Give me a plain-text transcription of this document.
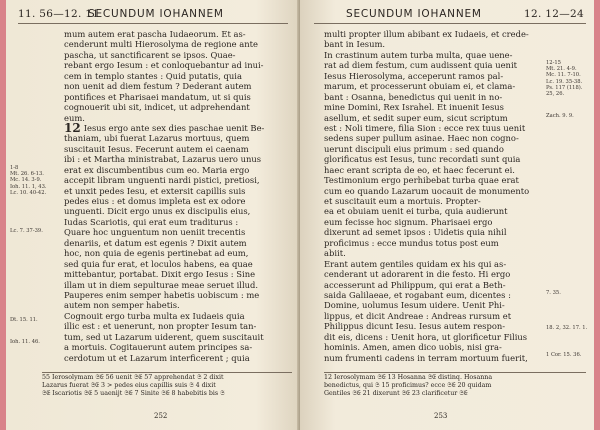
11. 56—12. 11
SECUNDUM IOHANNEM
1-8
Mt. 26. 6-13.
Mc. 14. 3-9.
Ioh. 11. 1, 43.
Lc. 10. 40-42.
Lc. 7. 37-39.
Dt. 15. 11.
Ioh. 11. 46.
mum autem erat pascha Iudaeorum. Et as-
cenderunt multi Hierosolyma de regione ante
pascha, ut sanctificarent se ipsos. Quae-
rebant ergo Iesum : et conloquebantur ad inui-
cem in templo stantes : Quid putatis, quia
non uenit ad diem festum ? Dederant autem
pontifices et Pharisaei mandatum, ut si quis
cognouerit ubi sit, indicet, ut adprehendant
eum.
12 Iesus ergo ante sex dies paschae uenit Be-
thaniam, ubi fuerat Lazarus mortuus, quem
suscitauit Iesus. Fecerunt autem ei caenam
ibi : et Martha ministrabat, Lazarus uero unus
erat ex discumbentibus cum eo. Maria ergo
accepit libram unguenti nardi pistici, pretiosi,
et unxit pedes Iesu, et extersit capillis suis
pedes eius : et domus impleta est ex odore
unguenti. Dicit ergo unus ex discipulis eius,
Iudas Scariotis, qui erat eum traditurus :
Quare hoc unguentum non ueniit trecentis
denariis, et datum est egenis ? Dixit autem
hoc, non quia de egenis pertinebat ad eum,
sed quia fur erat, et loculos habens, ea quae
mittebantur, portabat. Dixit ergo Iesus : Sine
illam ut in diem sepulturae meae seruet illud.
Pauperes enim semper habetis uobiscum : me
autem non semper habetis.
Cognouit ergo turba multa ex Iudaeis quia
illic est : et uenerunt, non propter Iesum tan-
tum, sed ut Lazarum uiderent, quem suscitauit
a mortuis. Cogitauerunt autem principes sa-
cerdotum ut et Lazarum interficerent ; quia
55 Ierosolymam 𝔖𝔈 56 uenit 𝔖𝔈 57 apprehendat 𝔖 2 dixit
Lazarus fuerat 𝔖𝔈 3 > pedes eius capillis suis 𝔖 4 dixit
𝔖𝔈 Iscariotis 𝔖𝔈 5 uaenijt 𝔖𝔈 7 Sinite 𝔖𝔈 8 habebitis bis 𝔖
252
SECUNDUM IOHANNEM	12. 12—24
12-15
Mt. 21. 4-9.
Mc. 11. 7-10.
Lc. 19. 35-38.
Ps. 117 (118).
25, 26.
Zach. 9. 9.
7. 35.
18. 2, 32. 17. 1.
1 Cor. 15. 36.
multi propter illum abibant ex Iudaeis, et crede-
bant in Iesum.
In crastinum autem turba multa, quae uene-
rat ad diem festum, cum audissent quia uenit
Iesus Hierosolyma, acceperunt ramos pal-
marum, et processerunt obuiam ei, et clama-
bant : Osanna, benedictus qui uenit in no-
mine Domini, Rex Israhel. Et inuenit Iesus
asellum, et sedit super eum, sicut scriptum
est : Noli timere, filia Sion : ecce rex tuus uenit
sedens super pullum asinae. Haec non cogno-
uerunt discipuli eius primum : sed quando
glorificatus est Iesus, tunc recordati sunt quia
haec erant scripta de eo, et haec fecerunt ei.
Testimonium ergo perhibebat turba quae erat
cum eo quando Lazarum uocauit de monumento
et suscitauit eum a mortuis. Propter-
ea et obuiam uenit ei turba, quia audierunt
eum fecisse hoc signum. Pharisaei ergo
dixerunt ad semet ipsos : Uidetis quia nihil
proficimus : ecce mundus totus post eum
abiit.
Erant autem gentiles quidam ex his qui as-
cenderant ut adorarent in die festo. Hi ergo
accesserunt ad Philippum, qui erat a Beth-
saida Galilaeae, et rogabant eum, dicentes :
Domine, uolumus Iesum uidere. Uenit Phi-
lippus, et dicit Andreae : Andreas rursum et
Philippus dicunt Iesu. Iesus autem respon-
dit eis, dicens : Uenit hora, ut glorificetur Filius
hominis. Amen, amen dico uobis, nisi gra-
num frumenti cadens in terram mortuum fuerit,
12 Ierosolymam 𝔖𝔈 13 Hosanna 𝔖𝔈 distinq. Hosanna
benedictus, qui 𝔖 15 proficimus? ecce 𝔖𝔈 20 quidam
Gentiles 𝔖𝔈 21 dixerunt 𝔖𝔈 23 clarificetur 𝔖𝔈
253
